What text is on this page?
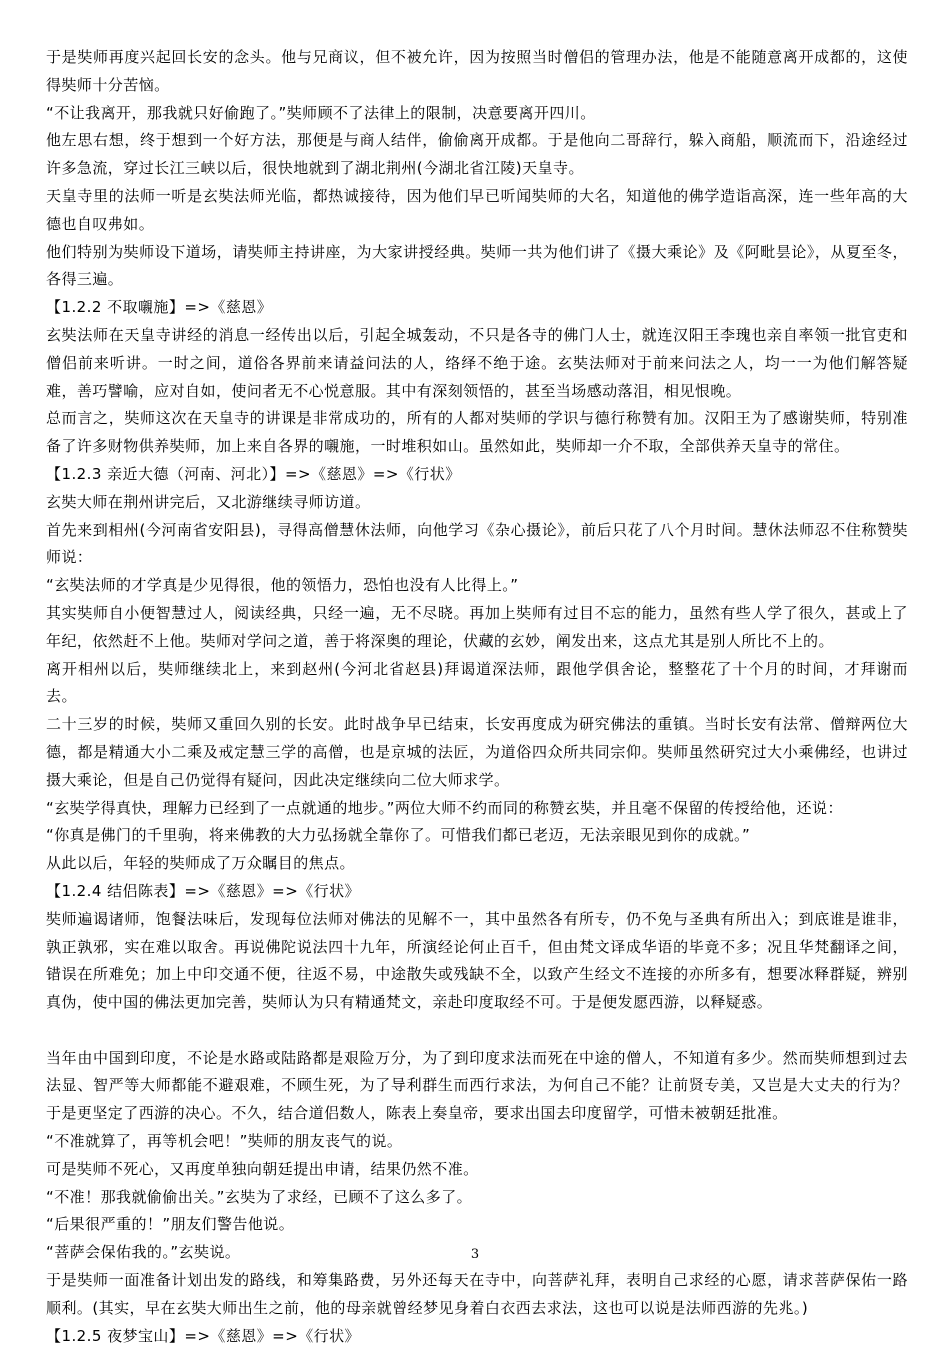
于是奘师再度兴起回长安的念头。他与兄商议，但不被允许，因为按照当时僧侣的管理办法，他是不能随意离开成都的，这使得奘师十分苦恼。

“不让我离开，那我就只好偷跑了。”奘师顾不了法律上的限制，决意要离开四川。

他左思右想，终于想到一个好方法，那便是与商人结伴，偷偷离开成都。于是他向二哥辞行，躲入商船，顺流而下，沿途经过许多急流，穿过长江三峡以后，很快地就到了湖北荆州(今湖北省江陵)天皇寺。

天皇寺里的法师一听是玄奘法师光临，都热诚接待，因为他们早已听闻奘师的大名，知道他的佛学造诣高深，连一些年高的大德也自叹弗如。

他们特别为奘师设下道场，请奘师主持讲座，为大家讲授经典。奘师一共为他们讲了《摄大乘论》及《阿毗昙论》，从夏至冬，各得三遍。

【1.2.2 不取嚫施】=>《慈恩》

玄奘法师在天皇寺讲经的消息一经传出以后，引起全城轰动，不只是各寺的佛门人士，就连汉阳王李瑰也亲自率领一批官吏和僧侣前来听讲。一时之间，道俗各界前来请益问法的人，络绎不绝于途。玄奘法师对于前来问法之人，均一一为他们解答疑难，善巧譬喻，应对自如，使问者无不心悦意服。其中有深刻领悟的，甚至当场感动落泪，相见恨晚。

总而言之，奘师这次在天皇寺的讲课是非常成功的，所有的人都对奘师的学识与德行称赞有加。汉阳王为了感谢奘师，特别准备了许多财物供养奘师，加上来自各界的嚫施，一时堆积如山。虽然如此，奘师却一介不取，全部供养天皇寺的常住。

【1.2.3 亲近大德（河南、河北）】=>《慈恩》=>《行状》

玄奘大师在荆州讲完后，又北游继续寻师访道。

首先来到相州(今河南省安阳县)，寻得高僧慧休法师，向他学习《杂心摄论》，前后只花了八个月时间。慧休法师忍不住称赞奘师说：

“玄奘法师的才学真是少见得很，他的领悟力，恐怕也没有人比得上。”

其实奘师自小便智慧过人，阅读经典，只经一遍，无不尽晓。再加上奘师有过目不忘的能力，虽然有些人学了很久，甚或上了年纪，依然赶不上他。奘师对学问之道，善于将深奥的理论，伏藏的玄妙，阐发出来，这点尤其是别人所比不上的。

离开相州以后，奘师继续北上，来到赵州(今河北省赵县)拜谒道深法师，跟他学俱舍论，整整花了十个月的时间，才拜谢而去。

二十三岁的时候，奘师又重回久别的长安。此时战争早已结束，长安再度成为研究佛法的重镇。当时长安有法常、僧辩两位大德，都是精通大小二乘及戒定慧三学的高僧，也是京城的法匠，为道俗四众所共同宗仰。奘师虽然研究过大小乘佛经，也讲过摄大乘论，但是自己仍觉得有疑问，因此决定继续向二位大师求学。

“玄奘学得真快，理解力已经到了一点就通的地步。”两位大师不约而同的称赞玄奘，并且毫不保留的传授给他，还说：

“你真是佛门的千里驹，将来佛教的大力弘扬就全靠你了。可惜我们都已老迈，无法亲眼见到你的成就。”

从此以后，年轻的奘师成了万众瞩目的焦点。

【1.2.4 结侣陈表】=>《慈恩》=>《行状》

奘师遍谒诸师，饱餐法味后，发现每位法师对佛法的见解不一，其中虽然各有所专，仍不免与圣典有所出入；到底谁是谁非，孰正孰邪，实在难以取舍。再说佛陀说法四十九年，所演经论何止百千，但由梵文译成华语的毕竟不多；况且华梵翻译之间，错误在所难免；加上中印交通不便，往返不易，中途散失或残缺不全，以致产生经文不连接的亦所多有，想要冰释群疑，辨别真伪，使中国的佛法更加完善，奘师认为只有精通梵文，亲赴印度取经不可。于是便发愿西游，以释疑惑。

当年由中国到印度，不论是水路或陆路都是艰险万分，为了到印度求法而死在中途的僧人，不知道有多少。然而奘师想到过去法显、智严等大师都能不避艰难，不顾生死，为了导利群生而西行求法，为何自己不能？让前贤专美，又岂是大丈夫的行为？于是更坚定了西游的决心。不久，结合道侣数人，陈表上奏皇帝，要求出国去印度留学，可惜未被朝廷批准。

“不准就算了，再等机会吧！”奘师的朋友丧气的说。

可是奘师不死心，又再度单独向朝廷提出申请，结果仍然不准。

“不准！那我就偷偷出关。”玄奘为了求经，已顾不了这么多了。

“后果很严重的！”朋友们警告他说。

“菩萨会保佑我的。”玄奘说。

于是奘师一面准备计划出发的路线，和筹集路费，另外还每天在寺中，向菩萨礼拜，表明自己求经的心愿，请求菩萨保佑一路顺利。(其实，早在玄奘大师出生之前，他的母亲就曾经梦见身着白衣西去求法，这也可以说是法师西游的先兆。)

【1.2.5 夜梦宝山】=>《慈恩》=>《行状》

3
